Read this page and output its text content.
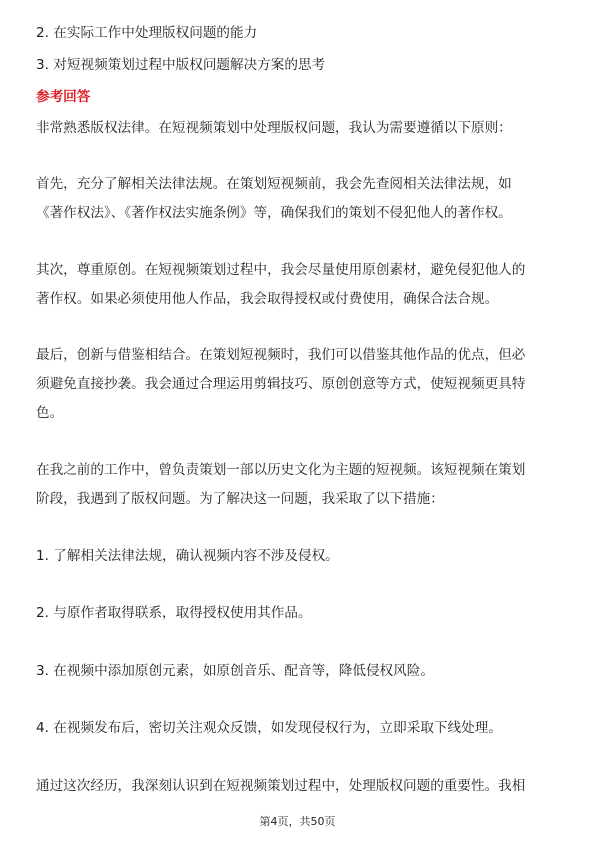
2. 在实际工作中处理版权问题的能力
3. 对短视频策划过程中版权问题解决方案的思考
参考回答
非常熟悉版权法律。在短视频策划中处理版权问题，我认为需要遵循以下原则：
首先，充分了解相关法律法规。在策划短视频前，我会先查阅相关法律法规，如
《著作权法》、《著作权法实施条例》等，确保我们的策划不侵犯他人的著作权。
其次，尊重原创。在短视频策划过程中，我会尽量使用原创素材，避免侵犯他人的
著作权。如果必须使用他人作品，我会取得授权或付费使用，确保合法合规。
最后，创新与借鉴相结合。在策划短视频时，我们可以借鉴其他作品的优点，但必
须避免直接抄袭。我会通过合理运用剪辑技巧、原创创意等方式，使短视频更具特
色。
在我之前的工作中，曾负责策划一部以历史文化为主题的短视频。该短视频在策划
阶段，我遇到了版权问题。为了解决这一问题，我采取了以下措施：
1. 了解相关法律法规，确认视频内容不涉及侵权。
2. 与原作者取得联系，取得授权使用其作品。
3. 在视频中添加原创元素，如原创音乐、配音等，降低侵权风险。
4. 在视频发布后，密切关注观众反馈，如发现侵权行为，立即采取下线处理。
通过这次经历，我深刻认识到在短视频策划过程中，处理版权问题的重要性。我相
第4页，共50页
